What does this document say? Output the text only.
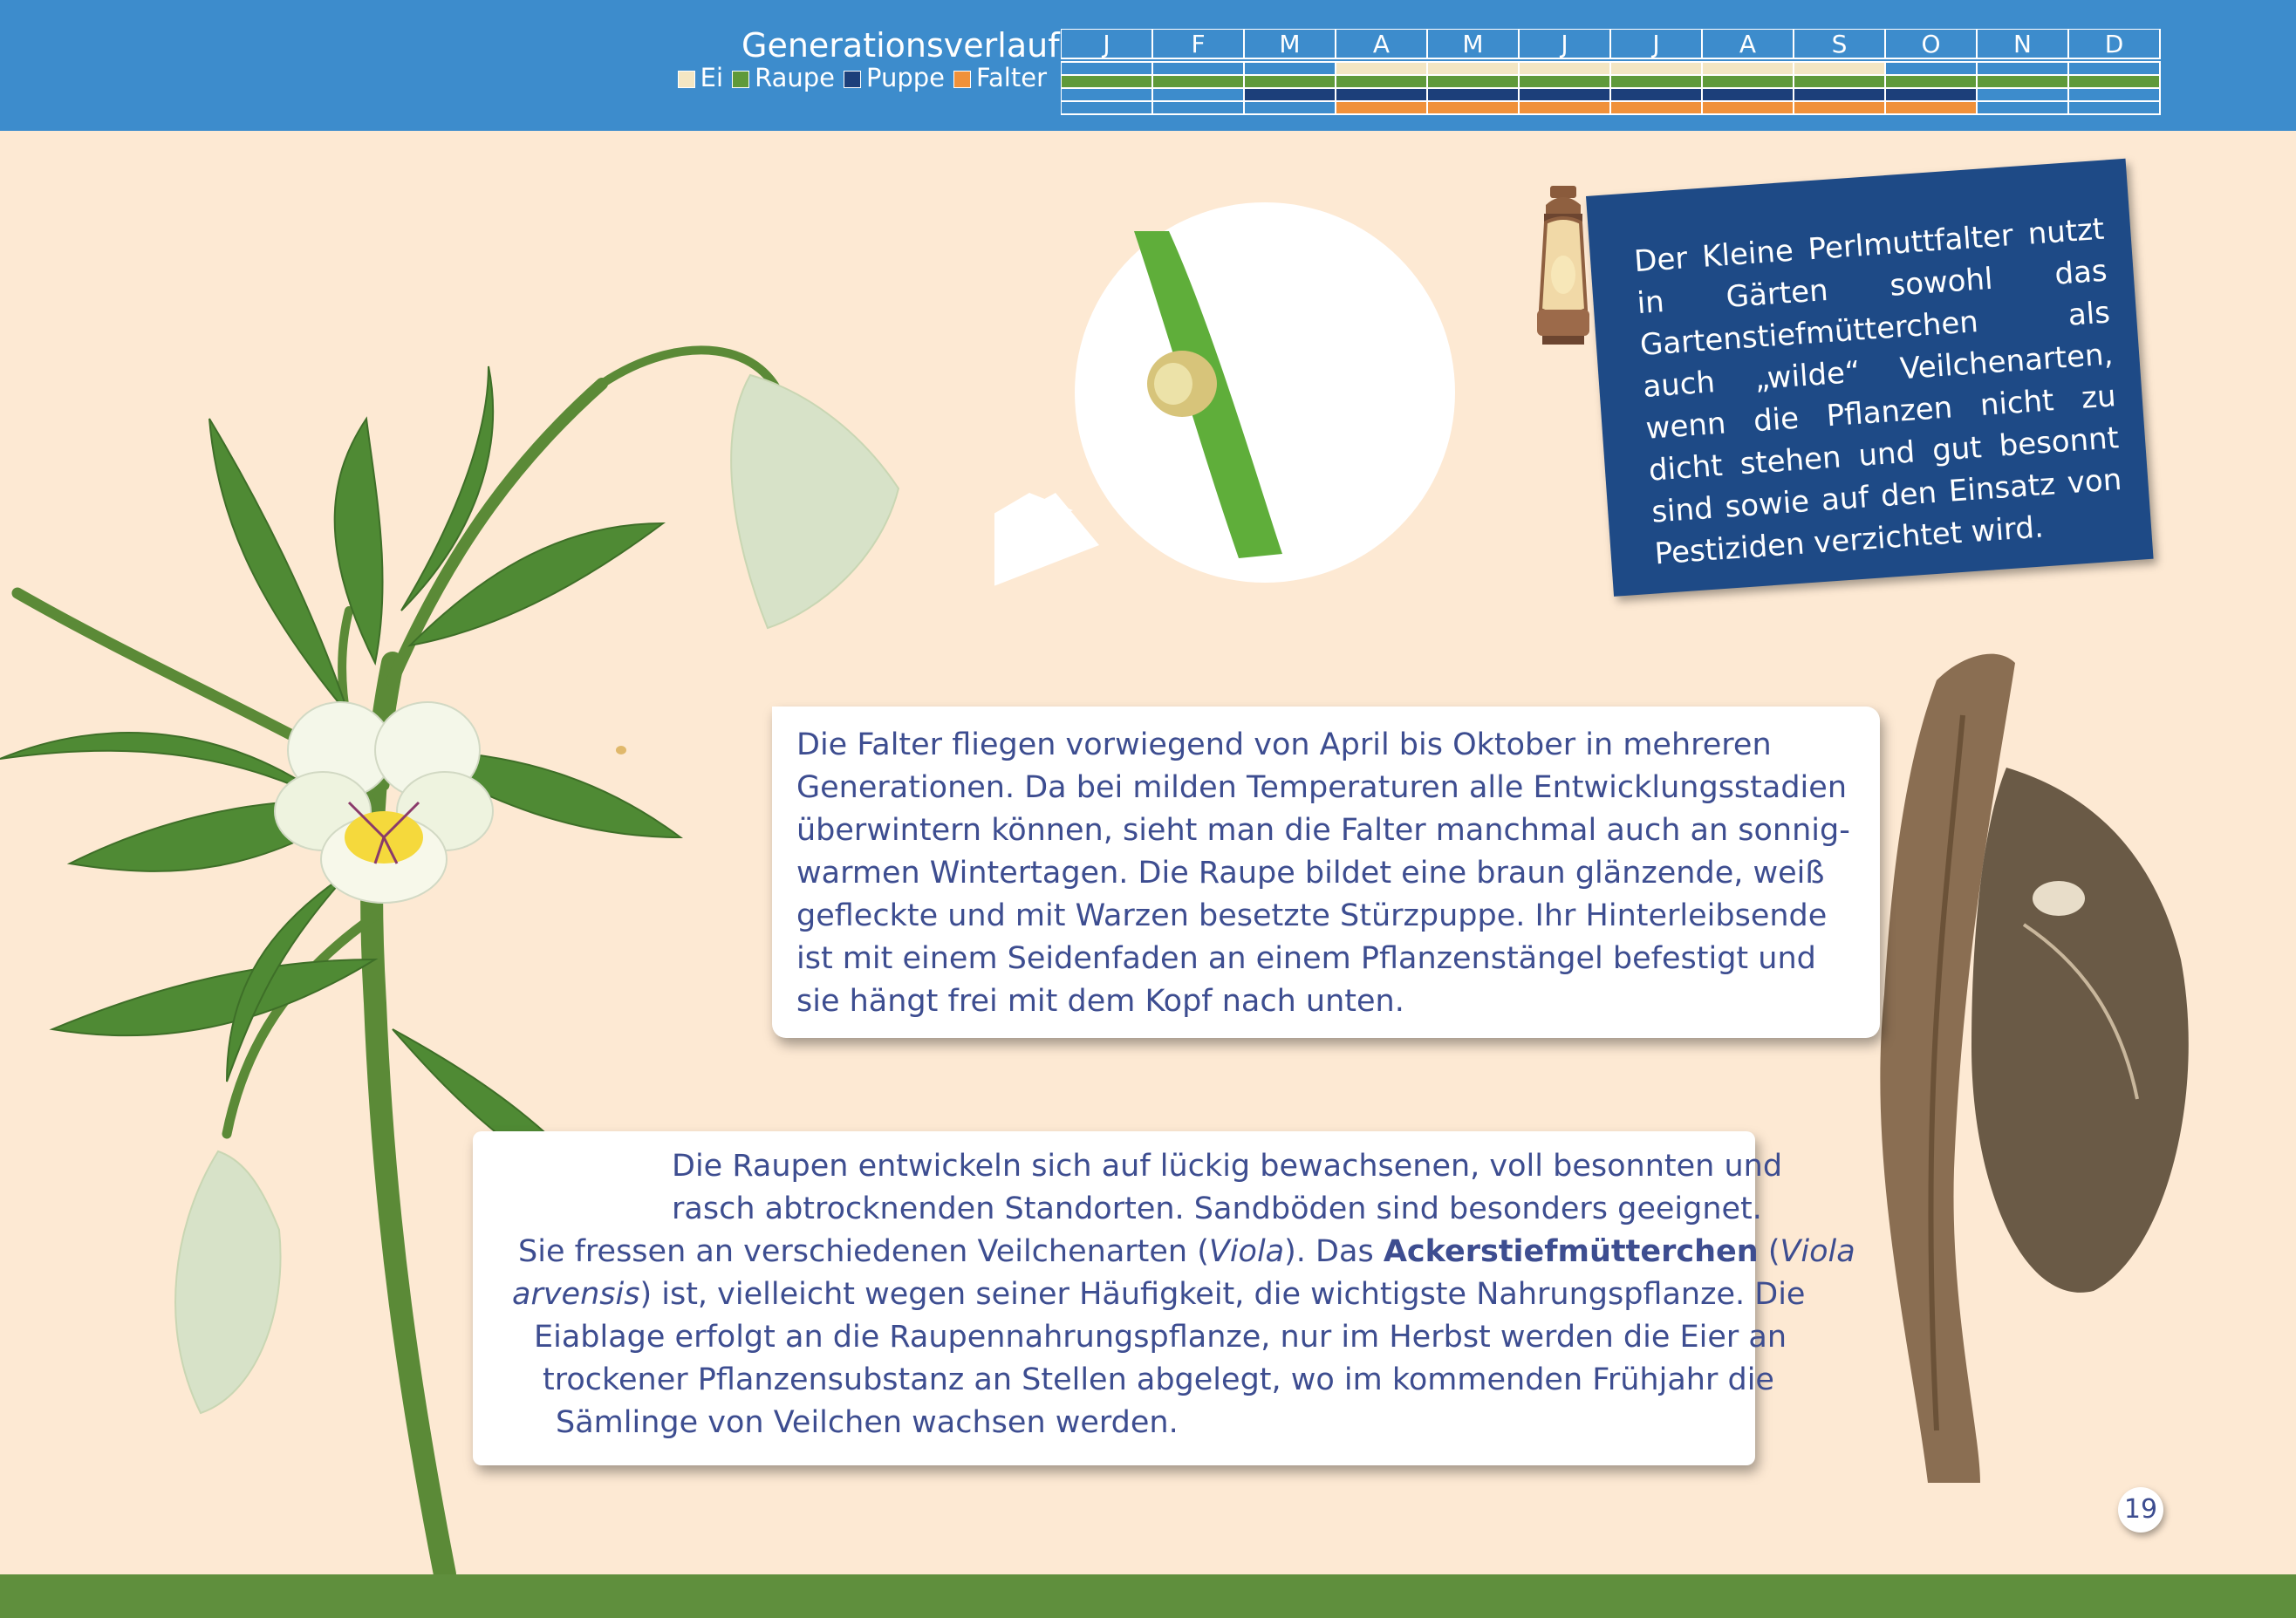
Generationsverlauf
Ei Raupe Puppe Falter
J	F	M	A	M	J	J	A	S	O	N	D
Der Kleine Perlmuttfalter nutzt in Gärten sowohl das Gartenstiefmütterchen als auch „wilde“ Veilchenarten, wenn die Pflanzen nicht zu dicht stehen und gut besonnt sind sowie auf den Einsatz von Pestiziden verzichtet wird.
Die Falter fliegen vorwiegend von April bis Oktober in mehreren Generationen. Da bei milden Temperaturen alle Entwicklungsstadien überwintern können, sieht man die Falter manchmal auch an sonnig-warmen Wintertagen. Die Raupe bildet eine braun glänzende, weiß gefleckte und mit Warzen besetzte Stürzpuppe. Ihr Hinterleibsende ist mit einem Seidenfaden an einem Pflanzenstängel befestigt und sie hängt frei mit dem Kopf nach unten.
Die Raupen entwickeln sich auf lückig bewachsenen, voll besonnten und
rasch abtrocknenden Standorten. Sandböden sind besonders geeignet.
Sie fressen an verschiedenen Veilchenarten (Viola). Das Ackerstiefmütterchen (Viola
arvensis) ist, vielleicht wegen seiner Häufigkeit, die wichtigste Nahrungspflanze. Die
Eiablage erfolgt an die Raupennahrungspflanze, nur im Herbst werden die Eier an
trockener Pflanzensubstanz an Stellen abgelegt, wo im kommenden Frühjahr die
Sämlinge von Veilchen wachsen werden.
19
